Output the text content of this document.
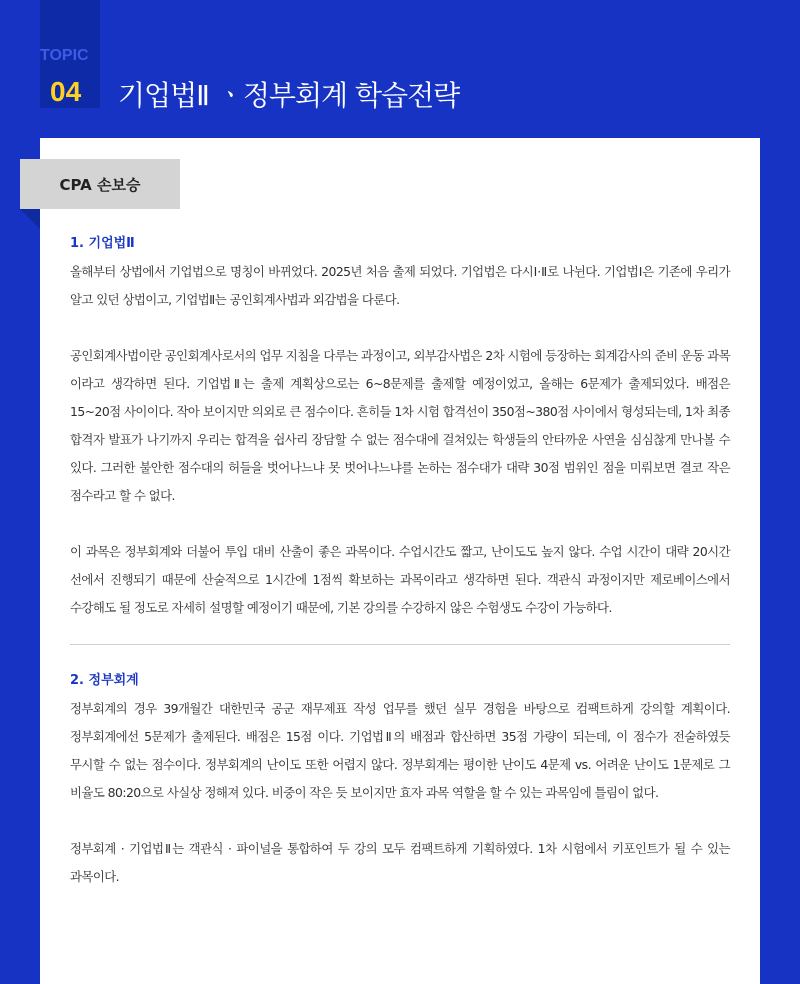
TOPIC
04 기업법Ⅱ ㆍ정부회계 학습전략
CPA 손보승
1. 기업법Ⅱ

올해부터 상법에서 기업법으로 명칭이 바뀌었다. 2025년 처음 출제 되었다. 기업법은 다시Ⅰ·Ⅱ로 나뉜다. 기업법Ⅰ은 기존에 우리가 알고 있던 상법이고, 기업법Ⅱ는 공인회계사법과 외감법을 다룬다.

공인회계사법이란 공인회계사로서의 업무 지침을 다루는 과정이고, 외부감사법은 2차 시험에 등장하는 회계감사의 준비 운동 과목 이라고 생각하면 된다. 기업법Ⅱ는 출제 계획상으로는 6~8문제를 출제할 예정이었고, 올해는 6문제가 출제되었다. 배점은 15~20점 사이이다. 작아 보이지만 의외로 큰 점수이다. 흔히들 1차 시험 합격선이 350점~380점 사이에서 형성되는데, 1차 최종 합격자 발표가 나기까지 우리는 합격을 쉽사리 장담할 수 없는 점수대에 걸쳐있는 학생들의 안타까운 사연을 심심찮게 만나볼 수 있다. 그러한 불안한 점수대의 허들을 벗어나느냐 못 벗어나느냐를 논하는 점수대가 대략 30점 범위인 점을 미뤄보면 결코 작은 점수라고 할 수 없다.

이 과목은 정부회계와 더불어 투입 대비 산출이 좋은 과목이다. 수업시간도 짧고, 난이도도 높지 않다. 수업 시간이 대략 20시간 선에서 진행되기 때문에 산술적으로 1시간에 1점씩 확보하는 과목이라고 생각하면 된다. 객관식 과정이지만 제로베이스에서 수강해도 될 정도로 자세히 설명할 예정이기 때문에, 기본 강의를 수강하지 않은 수험생도 수강이 가능하다.

2. 정부회계

정부회계의 경우 39개월간 대한민국 공군 재무제표 작성 업무를 했던 실무 경험을 바탕으로 컴팩트하게 강의할 계획이다. 정부회계에선 5문제가 출제된다. 배점은 15점 이다. 기업법Ⅱ의 배점과 합산하면 35점 가량이 되는데, 이 점수가 전술하였듯 무시할 수 없는 점수이다. 정부회계의 난이도 또한 어렵지 않다. 정부회계는 평이한 난이도 4문제 vs. 어려운 난이도 1문제로 그 비율도 80:20으로 사실상 정해져 있다. 비중이 작은 듯 보이지만 효자 과목 역할을 할 수 있는 과목임에 틀림이 없다.

정부회계 · 기업법Ⅱ는 객관식 · 파이널을 통합하여 두 강의 모두 컴팩트하게 기획하였다. 1차 시험에서 키포인트가 될 수 있는 과목이다.
